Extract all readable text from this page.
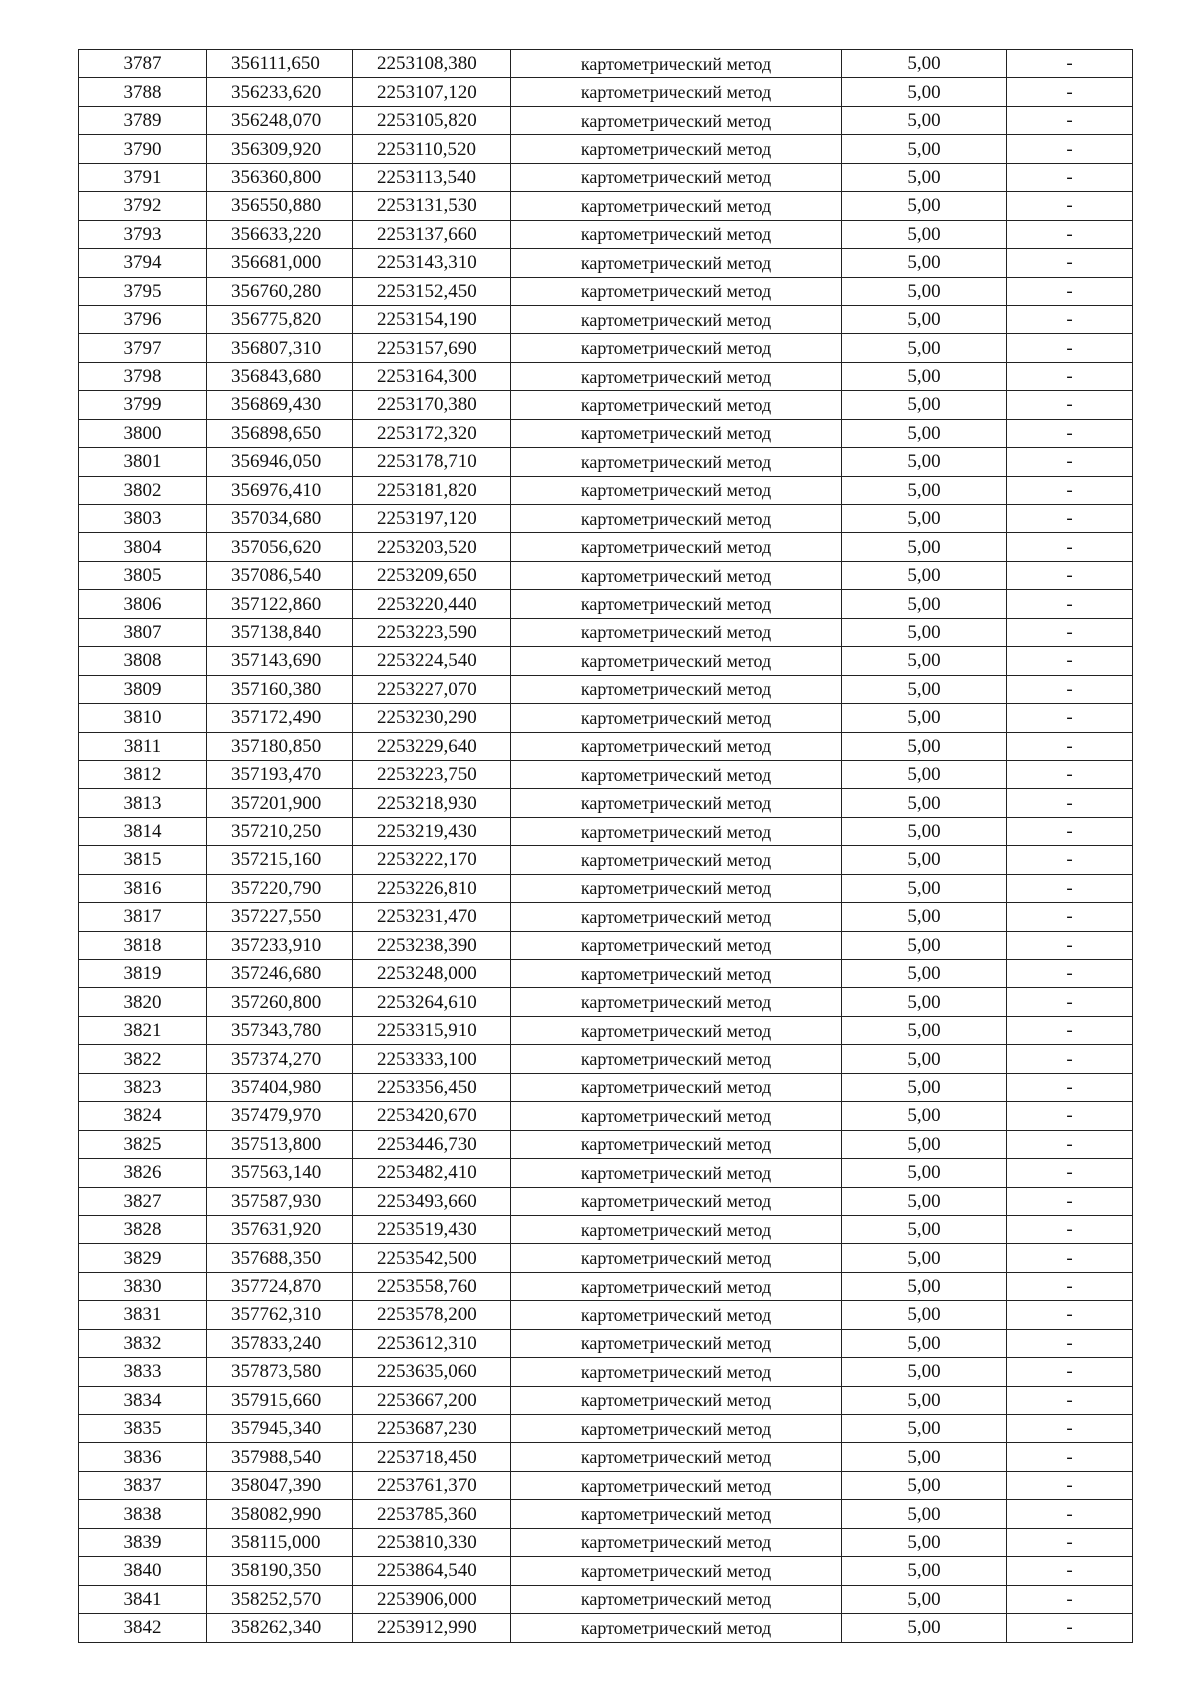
3787	356111,650	2253108,380	картометрический метод	5,00	-
3788	356233,620	2253107,120	картометрический метод	5,00	-
3789	356248,070	2253105,820	картометрический метод	5,00	-
3790	356309,920	2253110,520	картометрический метод	5,00	-
3791	356360,800	2253113,540	картометрический метод	5,00	-
3792	356550,880	2253131,530	картометрический метод	5,00	-
3793	356633,220	2253137,660	картометрический метод	5,00	-
3794	356681,000	2253143,310	картометрический метод	5,00	-
3795	356760,280	2253152,450	картометрический метод	5,00	-
3796	356775,820	2253154,190	картометрический метод	5,00	-
3797	356807,310	2253157,690	картометрический метод	5,00	-
3798	356843,680	2253164,300	картометрический метод	5,00	-
3799	356869,430	2253170,380	картометрический метод	5,00	-
3800	356898,650	2253172,320	картометрический метод	5,00	-
3801	356946,050	2253178,710	картометрический метод	5,00	-
3802	356976,410	2253181,820	картометрический метод	5,00	-
3803	357034,680	2253197,120	картометрический метод	5,00	-
3804	357056,620	2253203,520	картометрический метод	5,00	-
3805	357086,540	2253209,650	картометрический метод	5,00	-
3806	357122,860	2253220,440	картометрический метод	5,00	-
3807	357138,840	2253223,590	картометрический метод	5,00	-
3808	357143,690	2253224,540	картометрический метод	5,00	-
3809	357160,380	2253227,070	картометрический метод	5,00	-
3810	357172,490	2253230,290	картометрический метод	5,00	-
3811	357180,850	2253229,640	картометрический метод	5,00	-
3812	357193,470	2253223,750	картометрический метод	5,00	-
3813	357201,900	2253218,930	картометрический метод	5,00	-
3814	357210,250	2253219,430	картометрический метод	5,00	-
3815	357215,160	2253222,170	картометрический метод	5,00	-
3816	357220,790	2253226,810	картометрический метод	5,00	-
3817	357227,550	2253231,470	картометрический метод	5,00	-
3818	357233,910	2253238,390	картометрический метод	5,00	-
3819	357246,680	2253248,000	картометрический метод	5,00	-
3820	357260,800	2253264,610	картометрический метод	5,00	-
3821	357343,780	2253315,910	картометрический метод	5,00	-
3822	357374,270	2253333,100	картометрический метод	5,00	-
3823	357404,980	2253356,450	картометрический метод	5,00	-
3824	357479,970	2253420,670	картометрический метод	5,00	-
3825	357513,800	2253446,730	картометрический метод	5,00	-
3826	357563,140	2253482,410	картометрический метод	5,00	-
3827	357587,930	2253493,660	картометрический метод	5,00	-
3828	357631,920	2253519,430	картометрический метод	5,00	-
3829	357688,350	2253542,500	картометрический метод	5,00	-
3830	357724,870	2253558,760	картометрический метод	5,00	-
3831	357762,310	2253578,200	картометрический метод	5,00	-
3832	357833,240	2253612,310	картометрический метод	5,00	-
3833	357873,580	2253635,060	картометрический метод	5,00	-
3834	357915,660	2253667,200	картометрический метод	5,00	-
3835	357945,340	2253687,230	картометрический метод	5,00	-
3836	357988,540	2253718,450	картометрический метод	5,00	-
3837	358047,390	2253761,370	картометрический метод	5,00	-
3838	358082,990	2253785,360	картометрический метод	5,00	-
3839	358115,000	2253810,330	картометрический метод	5,00	-
3840	358190,350	2253864,540	картометрический метод	5,00	-
3841	358252,570	2253906,000	картометрический метод	5,00	-
3842	358262,340	2253912,990	картометрический метод	5,00	-
